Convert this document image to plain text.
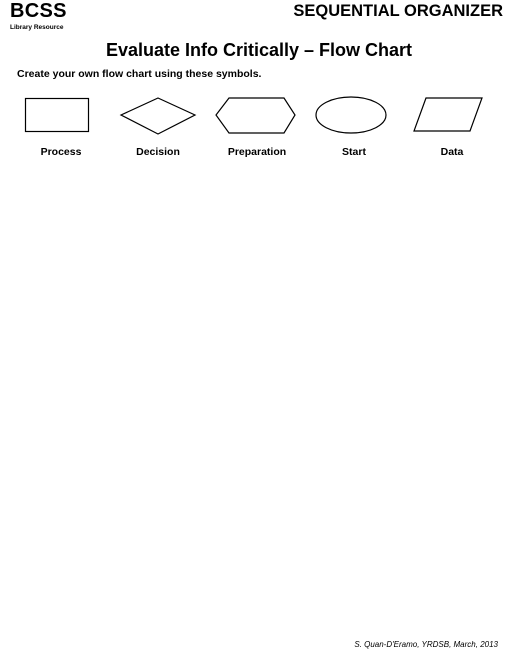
BCSS
Library Resource
SEQUENTIAL ORGANIZER
Evaluate Info Critically – Flow Chart
Create your own flow chart using these symbols.
Process	Decision	Preparation	Start	Data
S. Quan-D'Eramo, YRDSB, March, 2013
